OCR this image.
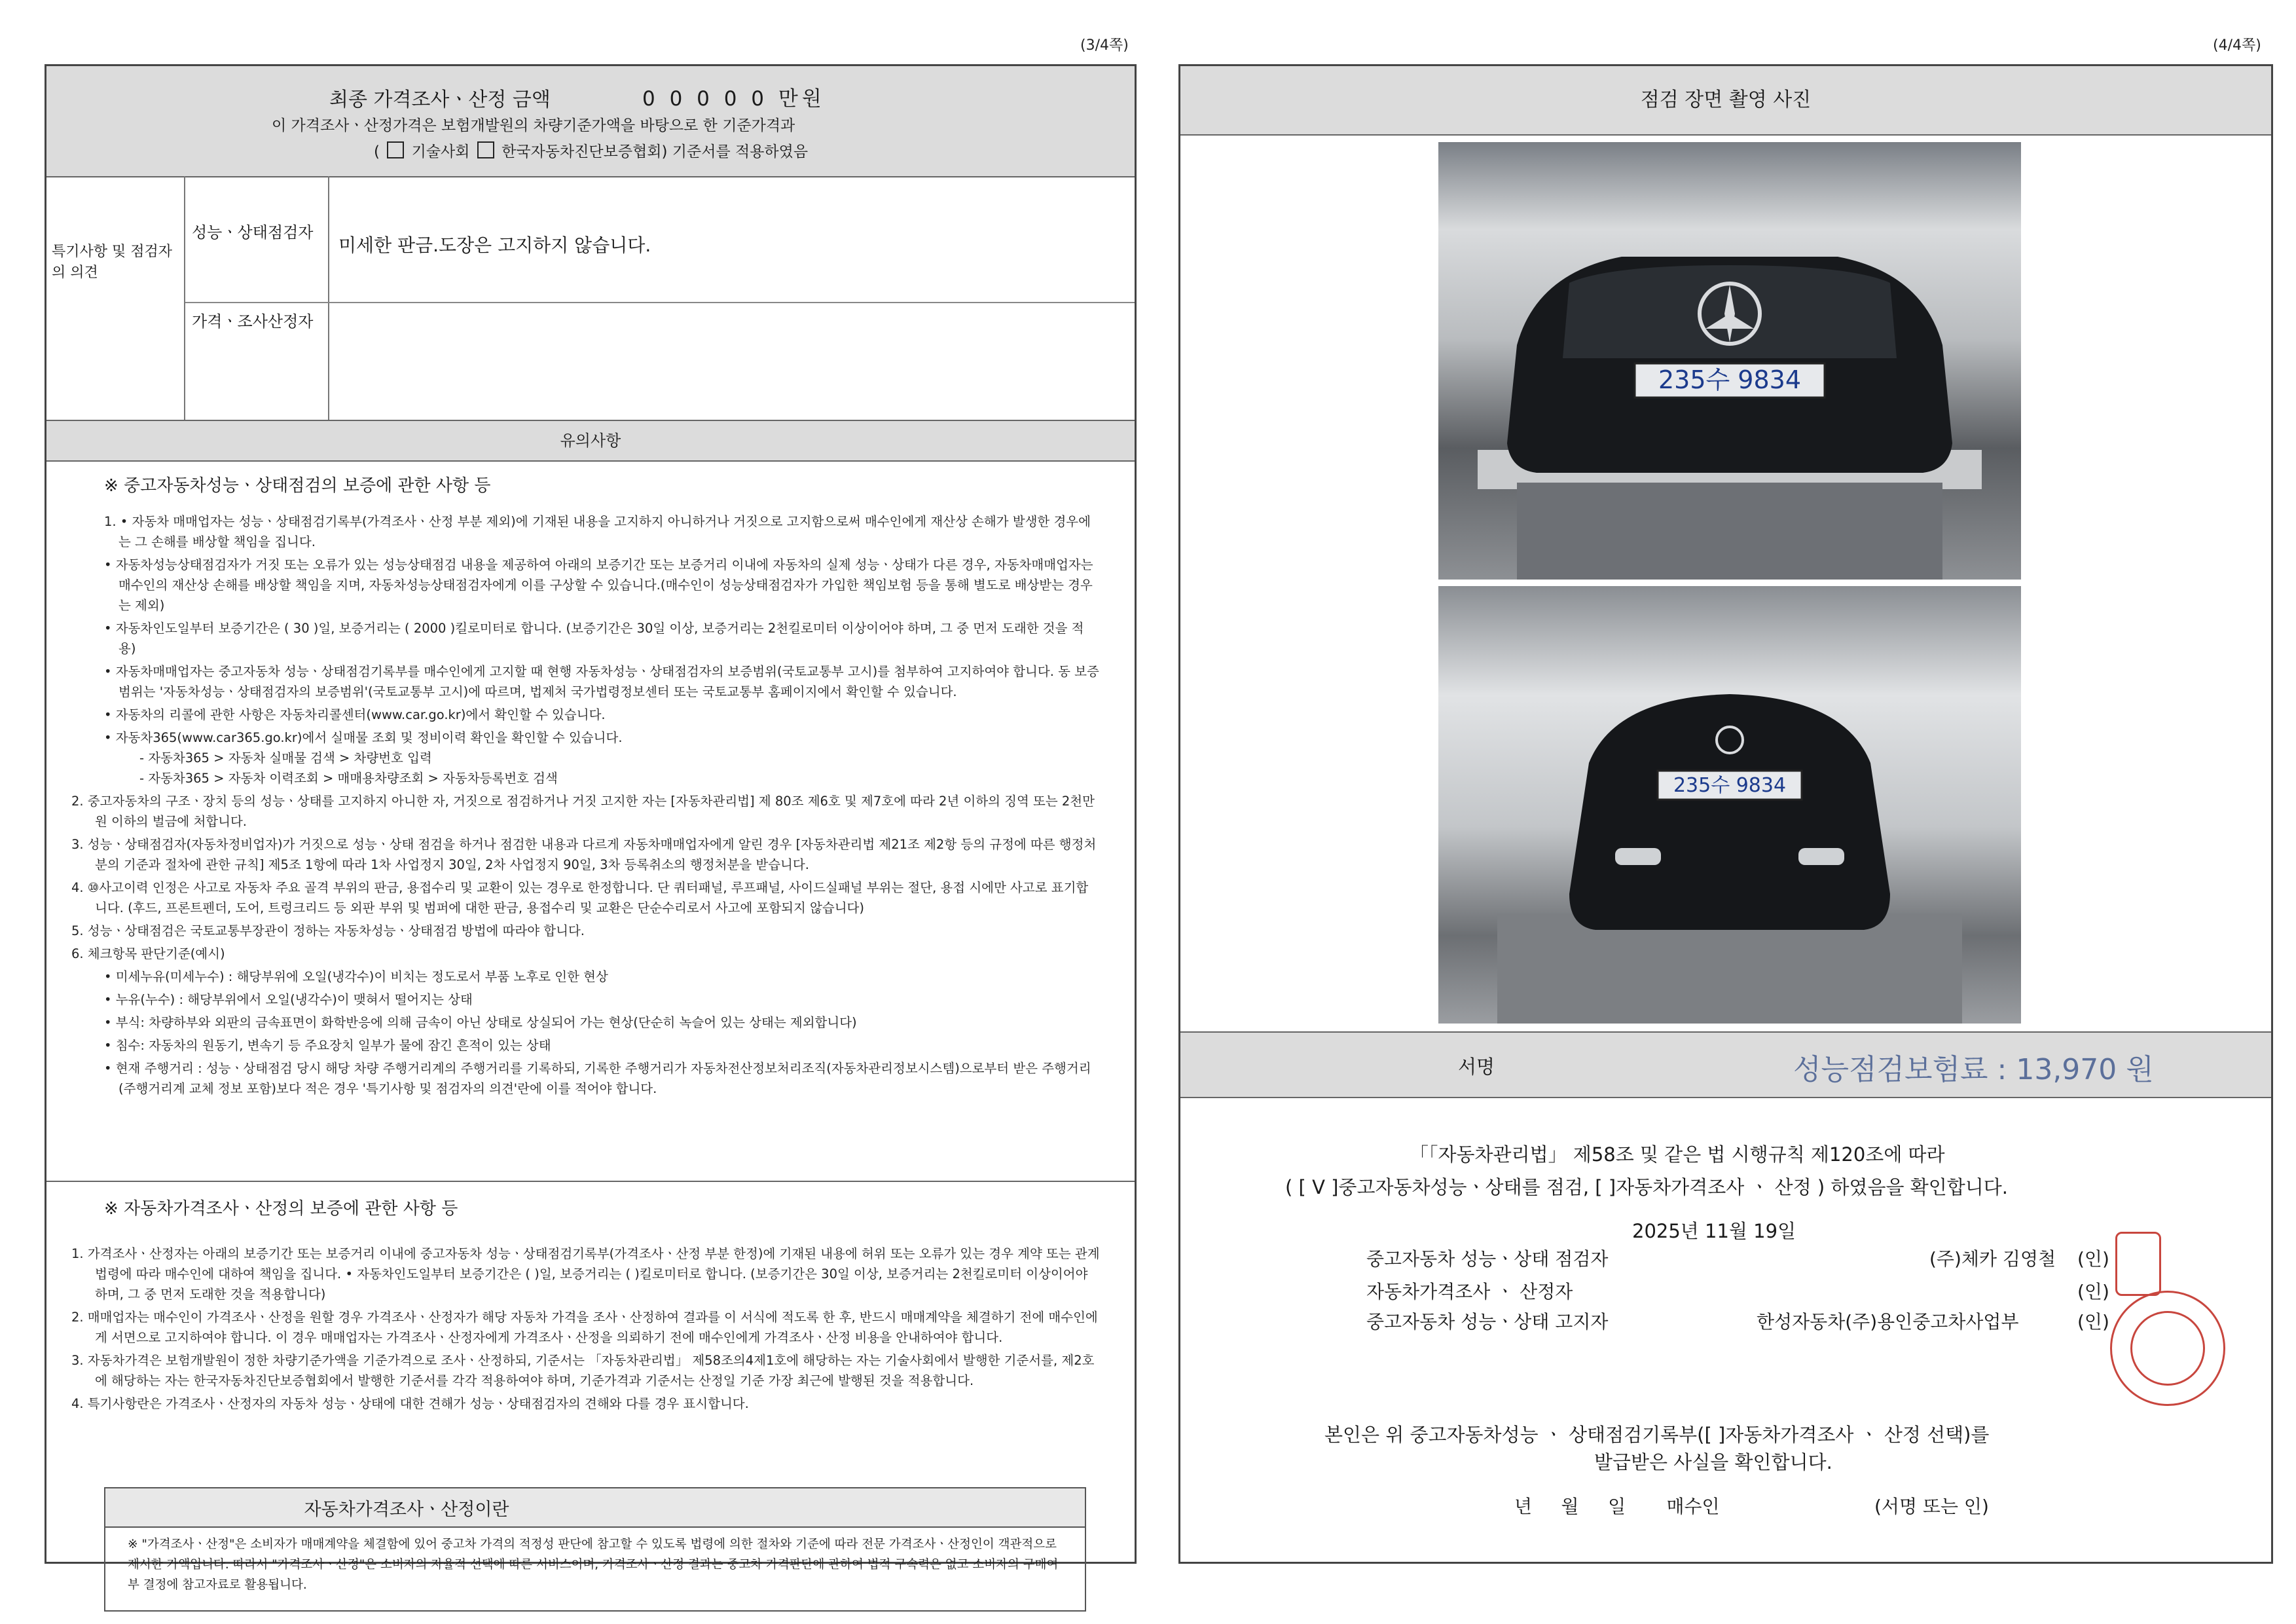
(3/4쪽)
최종 가격조사ㆍ산정 금액	0 0 0 0 0 만원
이 가격조사ㆍ산정가격은 보험개발원의 차량기준가액을 바탕으로 한 기준가격과
( 기술사회 한국자동차진단보증협회) 기준서를 적용하였음
특기사항 및 점검자의 의견
성능ㆍ상태점검자
미세한 판금.도장은 고지하지 않습니다.
가격ㆍ조사산정자
유의사항
※ 중고자동차성능ㆍ상태점검의 보증에 관한 사항 등

1. • 자동차 매매업자는 성능ㆍ상태점검기록부(가격조사ㆍ산정 부분 제외)에 기재된 내용을 고지하지 아니하거나 거짓으로 고지함으로써 매수인에게 재산상 손해가 발생한 경우에는 그 손해를 배상할 책임을 집니다.

• 자동차성능상태점검자가 거짓 또는 오류가 있는 성능상태점검 내용을 제공하여 아래의 보증기간 또는 보증거리 이내에 자동차의 실제 성능ㆍ상태가 다른 경우, 자동차매매업자는 매수인의 재산상 손해를 배상할 책임을 지며, 자동차성능상태점검자에게 이를 구상할 수 있습니다.(매수인이 성능상태점검자가 가입한 책임보험 등을 통해 별도로 배상받는 경우는 제외)

• 자동차인도일부터 보증기간은 ( 30 )일, 보증거리는 ( 2000 )킬로미터로 합니다. (보증기간은 30일 이상, 보증거리는 2천킬로미터 이상이어야 하며, 그 중 먼저 도래한 것을 적용)

• 자동차매매업자는 중고자동차 성능ㆍ상태점검기록부를 매수인에게 고지할 때 현행 자동차성능ㆍ상태점검자의 보증범위(국토교통부 고시)를 첨부하여 고지하여야 합니다. 동 보증범위는 '자동차성능ㆍ상태점검자의 보증범위'(국토교통부 고시)에 따르며, 법제처 국가법령정보센터 또는 국토교통부 홈페이지에서 확인할 수 있습니다.

• 자동차의 리콜에 관한 사항은 자동차리콜센터(www.car.go.kr)에서 확인할 수 있습니다.

• 자동차365(www.car365.go.kr)에서 실매물 조회 및 정비이력 확인을 확인할 수 있습니다.

- 자동차365 > 자동차 실매물 검색 > 차량번호 입력

- 자동차365 > 자동차 이력조회 > 매매용차량조회 > 자동차등록번호 검색

2. 중고자동차의 구조ㆍ장치 등의 성능ㆍ상태를 고지하지 아니한 자, 거짓으로 점검하거나 거짓 고지한 자는 [자동차관리법] 제 80조 제6호 및 제7호에 따라 2년 이하의 징역 또는 2천만원 이하의 벌금에 처합니다.

3. 성능ㆍ상태점검자(자동차정비업자)가 거짓으로 성능ㆍ상태 점검을 하거나 점검한 내용과 다르게 자동차매매업자에게 알린 경우 [자동차관리법 제21조 제2항 등의 규정에 따른 행정처분의 기준과 절차에 관한 규칙] 제5조 1항에 따라 1차 사업정지 30일, 2차 사업정지 90일, 3차 등록취소의 행정처분을 받습니다.

4. ⑩사고이력 인정은 사고로 자동차 주요 골격 부위의 판금, 용접수리 및 교환이 있는 경우로 한정합니다. 단 쿼터패널, 루프패널, 사이드실패널 부위는 절단, 용접 시에만 사고로 표기합니다. (후드, 프론트펜더, 도어, 트렁크리드 등 외판 부위 및 범퍼에 대한 판금, 용접수리 및 교환은 단순수리로서 사고에 포함되지 않습니다)

5. 성능ㆍ상태점검은 국토교통부장관이 정하는 자동차성능ㆍ상태점검 방법에 따라야 합니다.

6. 체크항목 판단기준(예시)

• 미세누유(미세누수) : 해당부위에 오일(냉각수)이 비치는 정도로서 부품 노후로 인한 현상

• 누유(누수) : 해당부위에서 오일(냉각수)이 맺혀서 떨어지는 상태

• 부식: 차량하부와 외판의 금속표면이 화학반응에 의해 금속이 아닌 상태로 상실되어 가는 현상(단순히 녹슬어 있는 상태는 제외합니다)

• 침수: 자동차의 원동기, 변속기 등 주요장치 일부가 물에 잠긴 흔적이 있는 상태

• 현재 주행거리 : 성능ㆍ상태점검 당시 해당 차량 주행거리계의 주행거리를 기록하되, 기록한 주행거리가 자동차전산정보처리조직(자동차관리정보시스템)으로부터 받은 주행거리(주행거리계 교체 정보 포함)보다 적은 경우 '특기사항 및 점검자의 의견'란에 이를 적어야 합니다.

※ 자동차가격조사ㆍ산정의 보증에 관한 사항 등

1. 가격조사ㆍ산정자는 아래의 보증기간 또는 보증거리 이내에 중고자동차 성능ㆍ상태점검기록부(가격조사ㆍ산정 부분 한정)에 기재된 내용에 허위 또는 오류가 있는 경우 계약 또는 관계법령에 따라 매수인에 대하여 책임을 집니다. • 자동차인도일부터 보증기간은 ( )일, 보증거리는 ( )킬로미터로 합니다. (보증기간은 30일 이상, 보증거리는 2천킬로미터 이상이어야 하며, 그 중 먼저 도래한 것을 적용합니다)

2. 매매업자는 매수인이 가격조사ㆍ산정을 원할 경우 가격조사ㆍ산정자가 해당 자동차 가격을 조사ㆍ산정하여 결과를 이 서식에 적도록 한 후, 반드시 매매계약을 체결하기 전에 매수인에게 서면으로 고지하여야 합니다. 이 경우 매매업자는 가격조사ㆍ산정자에게 가격조사ㆍ산정을 의뢰하기 전에 매수인에게 가격조사ㆍ산정 비용을 안내하여야 합니다.

3. 자동차가격은 보험개발원이 정한 차량기준가액을 기준가격으로 조사ㆍ산정하되, 기준서는 「자동차관리법」 제58조의4제1호에 해당하는 자는 기술사회에서 발행한 기준서를, 제2호에 해당하는 자는 한국자동차진단보증협회에서 발행한 기준서를 각각 적용하여야 하며, 기준가격과 기준서는 산정일 기준 가장 최근에 발행된 것을 적용합니다.

4. 특기사항란은 가격조사ㆍ산정자의 자동차 성능ㆍ상태에 대한 견해가 성능ㆍ상태점검자의 견해와 다를 경우 표시합니다.

자동차가격조사ㆍ산정이란
※ "가격조사ㆍ산정"은 소비자가 매매계약을 체결함에 있어 중고차 가격의 적정성 판단에 참고할 수 있도록 법령에 의한 절차와 기준에 따라 전문 가격조사ㆍ산정인이 객관적으로 제시한 가액입니다. 따라서 "가격조사ㆍ산정"은 소비자의 자율적 선택에 따른 서비스이며, 가격조사ㆍ산정 결과는 중고차 가격판단에 관하여 법적 구속력은 없고 소비자의 구매여부 결정에 참고자료로 활용됩니다.
(4/4쪽)
점검 장면 촬영 사진
235수 9834
235수 9834
서명	성능점검보험료 : 13,970 원
「「자동차관리법」 제58조 및 같은 법 시행규칙 제120조에 따라
( [ V ]중고자동차성능ㆍ상태를 점검, [ ]자동차가격조사 ㆍ 산정 ) 하였음을 확인합니다.
2025년 11월 19일
중고자동차 성능ㆍ상태 점검자	(주)체카 김영철 (인)
자동차가격조사 ㆍ 산정자	(인)
중고자동차 성능ㆍ상태 고지자	한성자동차(주)용인중고차사업부	(인)
본인은 위 중고자동차성능 ㆍ 상태점검기록부([ ]자동차가격조사 ㆍ 산정 선택)를
발급받은 사실을 확인합니다.
년     월     일       매수인	(서명 또는 인)
